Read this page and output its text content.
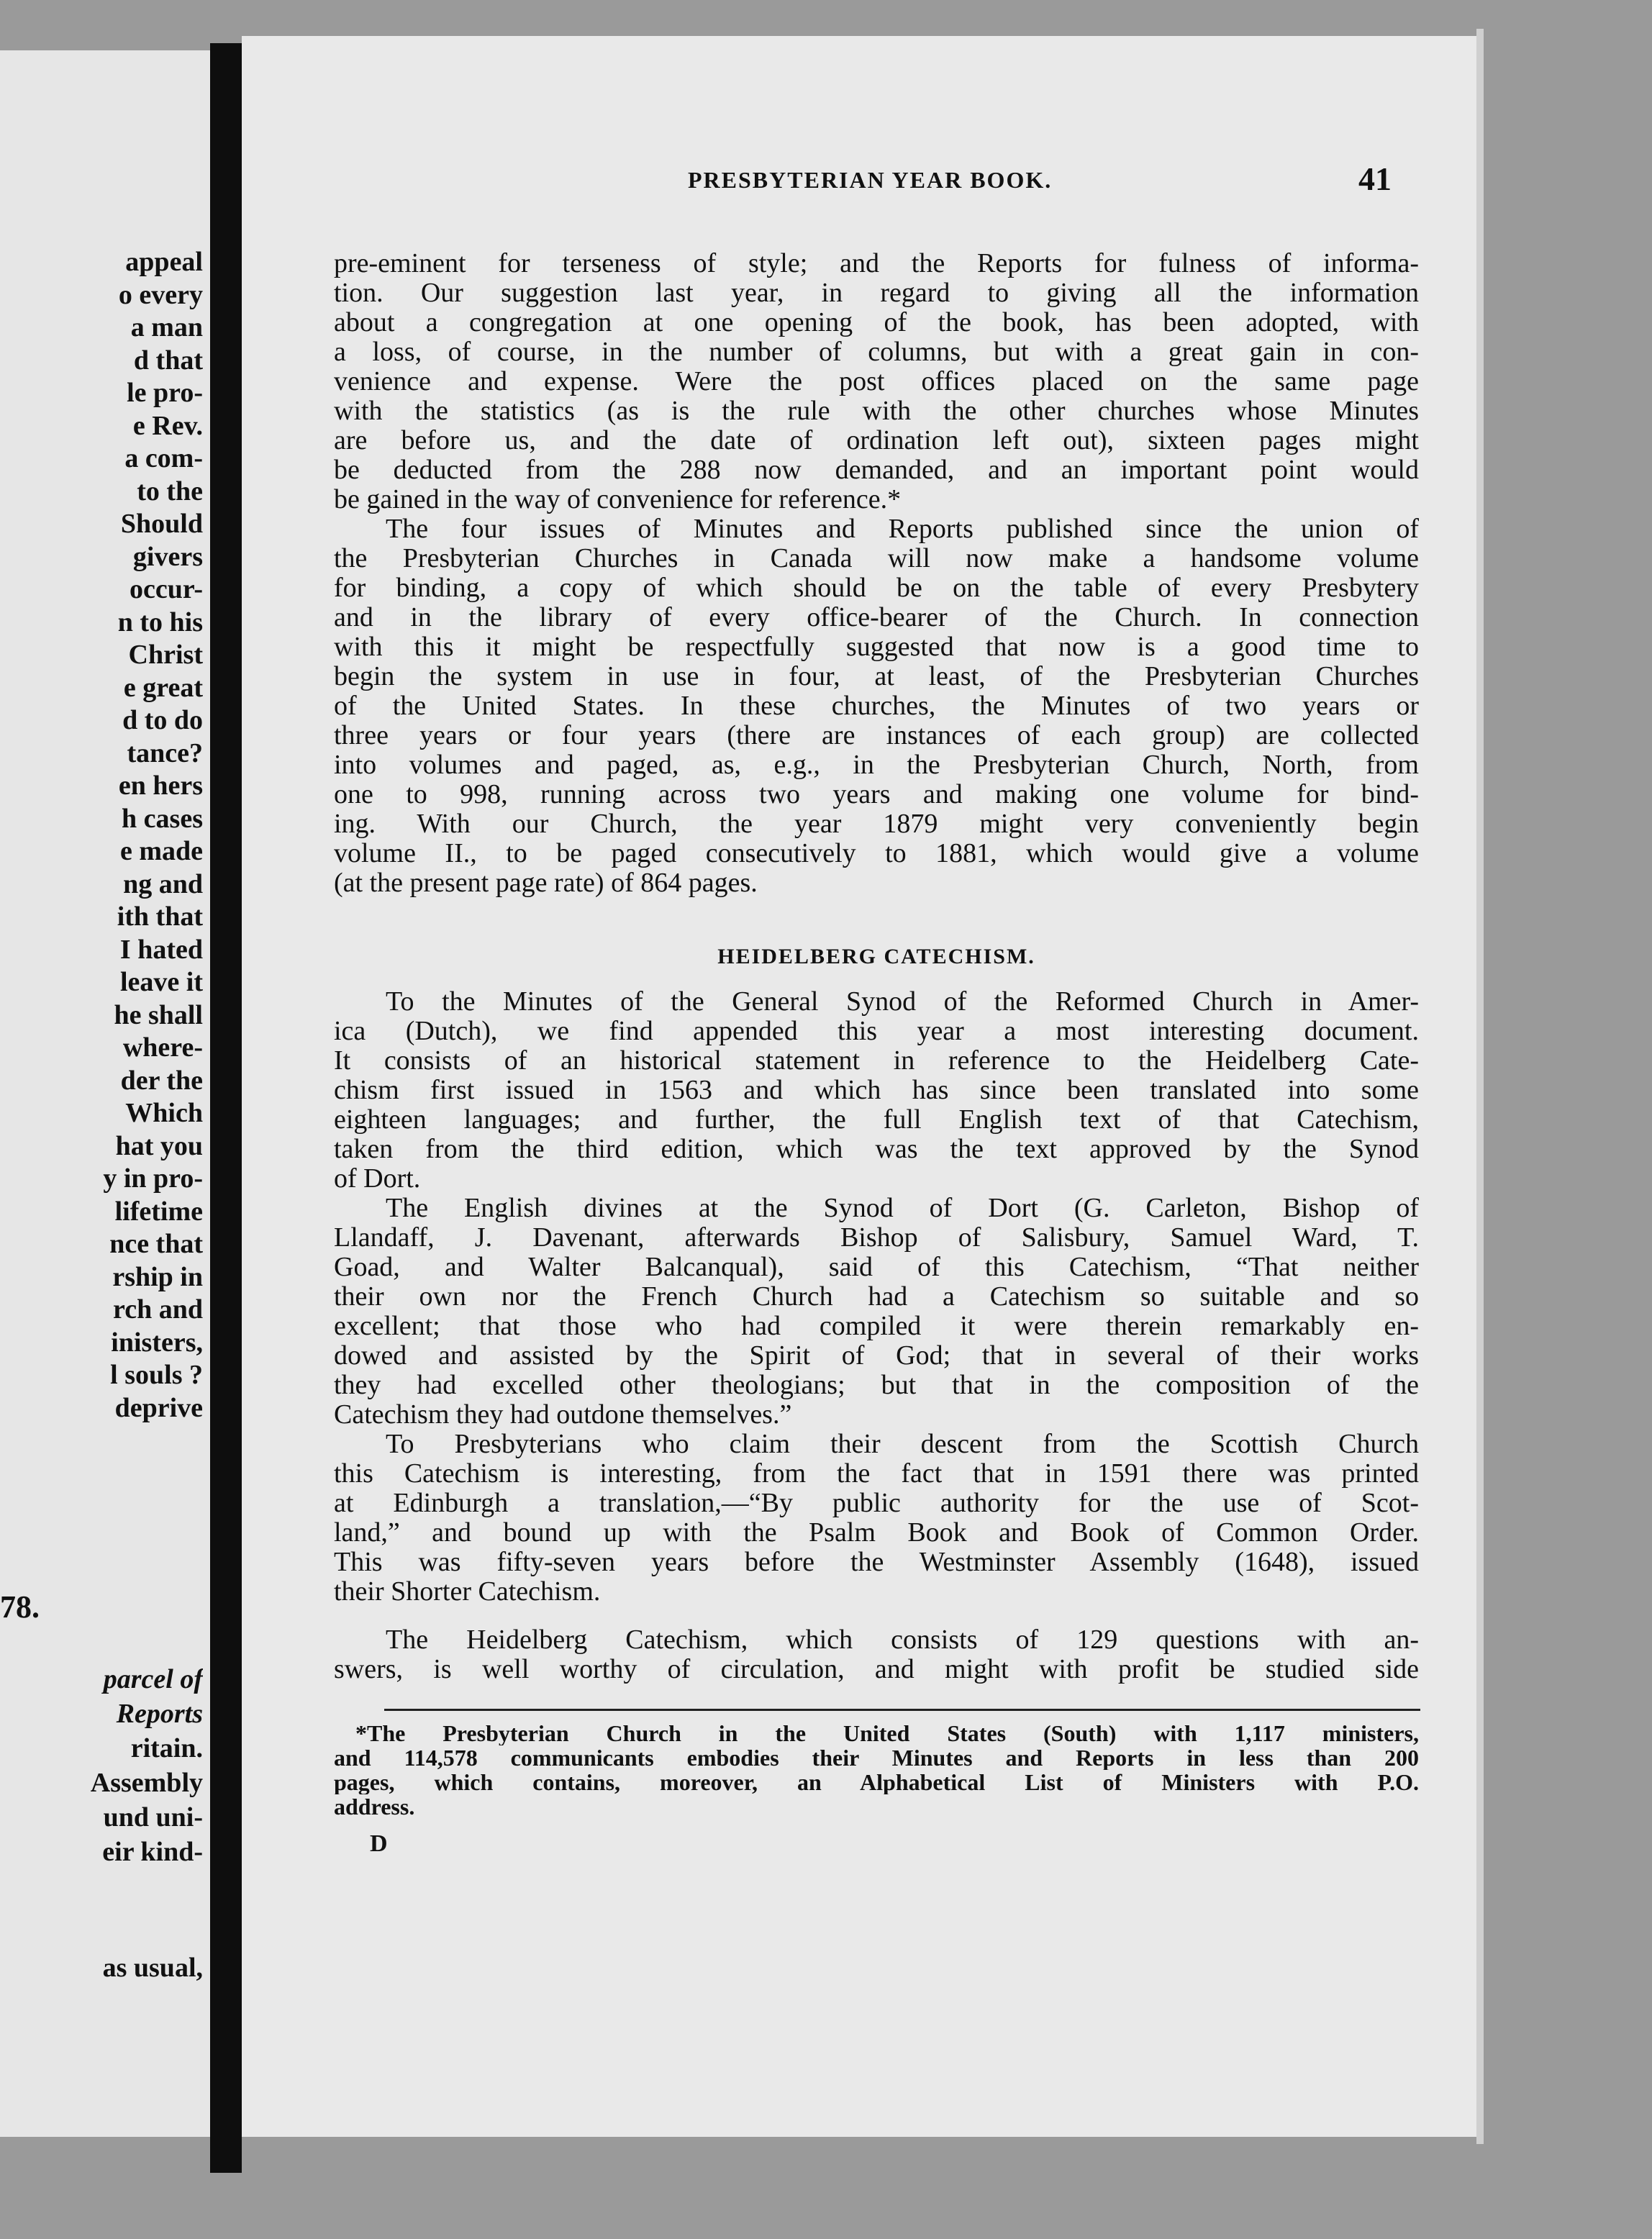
appeal
o every
a man
d that
le pro-
e Rev.
a com-
to the
Should
givers
occur-
n to his
Christ
e great
d to do
tance?
en hers
h cases
e made
ng and
ith that
I hated
leave it
he shall
where-
der the
Which
hat you
y in pro-
lifetime
nce that
rship in
rch and
inisters,
l souls ?
deprive
78.
parcel of
Reports
ritain.
Assembly
und uni-
eir kind-
as usual,
PRESBYTERIAN YEAR BOOK.	41
pre-eminent for terseness of style; and the Reports for fulness of informa-
tion. Our suggestion last year, in regard to giving all the information
about a congregation at one opening of the book, has been adopted, with
a loss, of course, in the number of columns, but with a great gain in con-
venience and expense. Were the post offices placed on the same page
with the statistics (as is the rule with the other churches whose Minutes
are before us, and the date of ordination left out), sixteen pages might
be deducted from the 288 now demanded, and an important point would
be gained in the way of convenience for reference.*
The four issues of Minutes and Reports published since the union of
the Presbyterian Churches in Canada will now make a handsome volume
for binding, a copy of which should be on the table of every Presbytery
and in the library of every office-bearer of the Church. In connection
with this it might be respectfully suggested that now is a good time to
begin the system in use in four, at least, of the Presbyterian Churches
of the United States. In these churches, the Minutes of two years or
three years or four years (there are instances of each group) are collected
into volumes and paged, as, e.g., in the Presbyterian Church, North, from
one to 998, running across two years and making one volume for bind-
ing. With our Church, the year 1879 might very conveniently begin
volume II., to be paged consecutively to 1881, which would give a volume
(at the present page rate) of 864 pages.
HEIDELBERG CATECHISM.
To the Minutes of the General Synod of the Reformed Church in Amer-
ica (Dutch), we find appended this year a most interesting document.
It consists of an historical statement in reference to the Heidelberg Cate-
chism first issued in 1563 and which has since been translated into some
eighteen languages; and further, the full English text of that Catechism,
taken from the third edition, which was the text approved by the Synod
of Dort.
The English divines at the Synod of Dort (G. Carleton, Bishop of
Llandaff, J. Davenant, afterwards Bishop of Salisbury, Samuel Ward, T.
Goad, and Walter Balcanqual), said of this Catechism, “That neither
their own nor the French Church had a Catechism so suitable and so
excellent; that those who had compiled it were therein remarkably en-
dowed and assisted by the Spirit of God; that in several of their works
they had excelled other theologians; but that in the composition of the
Catechism they had outdone themselves.”
To Presbyterians who claim their descent from the Scottish Church
this Catechism is interesting, from the fact that in 1591 there was printed
at Edinburgh a translation,—“By public authority for the use of Scot-
land,” and bound up with the Psalm Book and Book of Common Order.
This was fifty-seven years before the Westminster Assembly (1648), issued
their Shorter Catechism.
The Heidelberg Catechism, which consists of 129 questions with an-
swers, is well worthy of circulation, and might with profit be studied side
*The Presbyterian Church in the United States (South) with 1,117 ministers,
and 114,578 communicants embodies their Minutes and Reports in less than 200
pages, which contains, moreover, an Alphabetical List of Ministers with P.O.
address.
D
